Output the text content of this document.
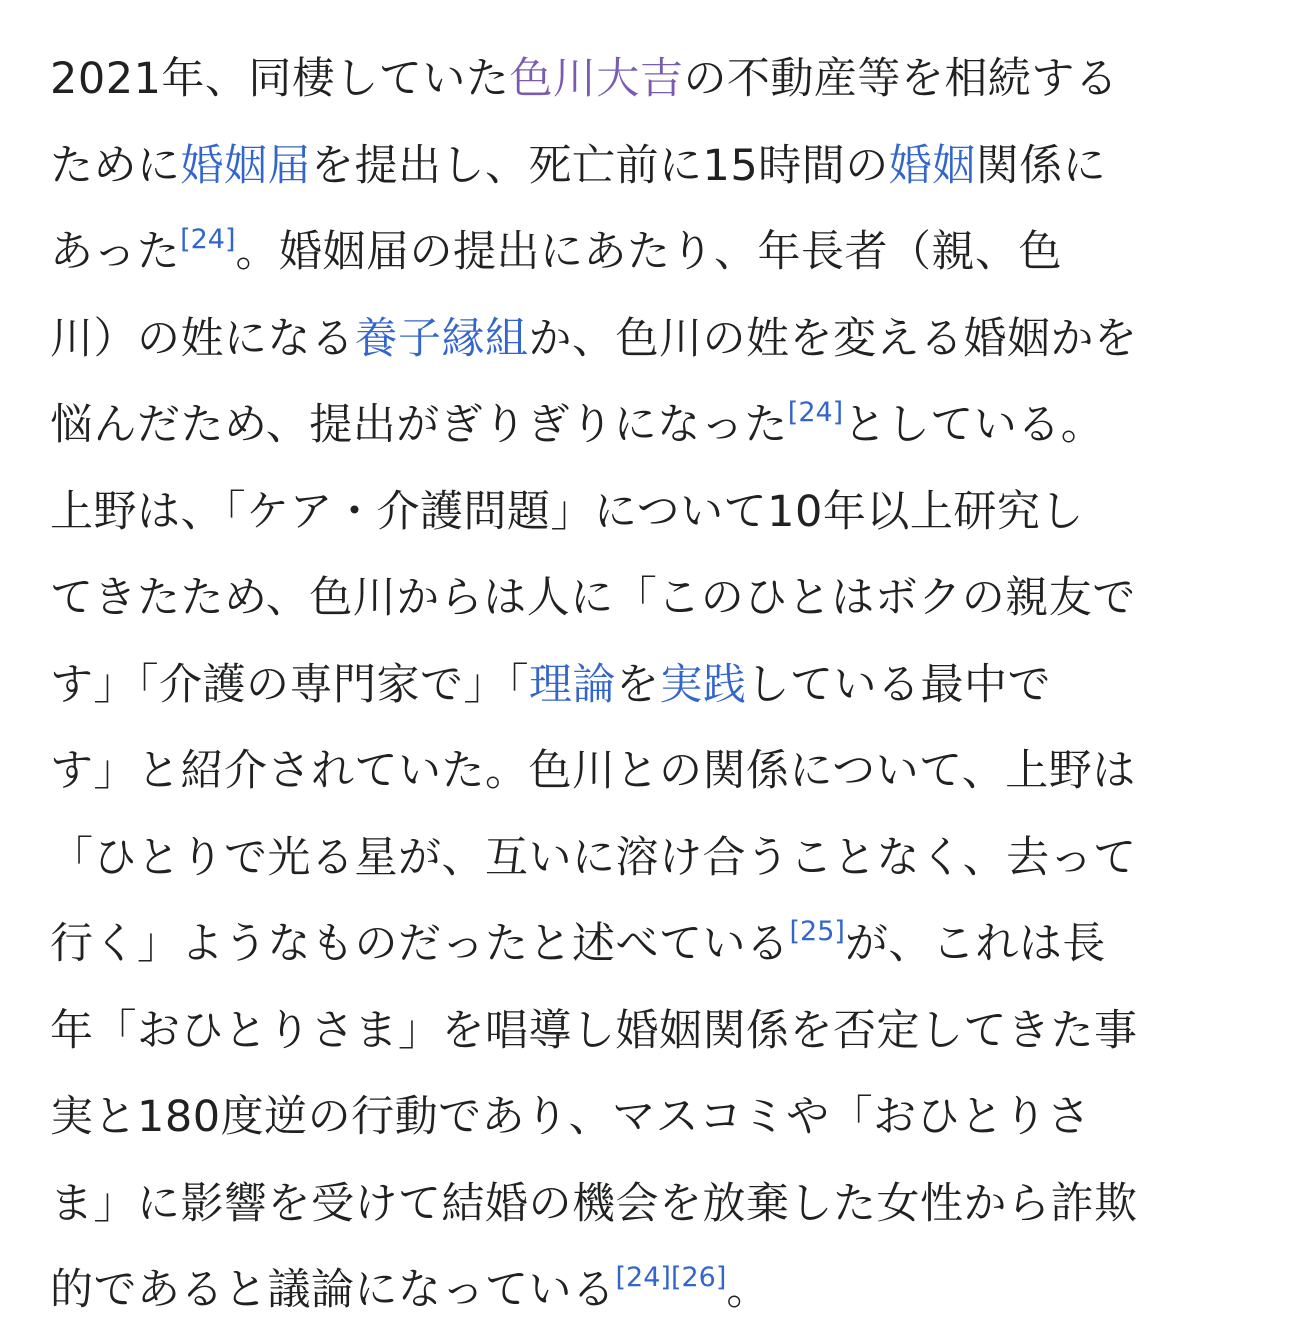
2021年、同棲していた色川大吉の不動産等を相続する
ために婚姻届を提出し、死亡前に15時間の婚姻関係に
あった[24]。婚姻届の提出にあたり、年長者（親、色
川）の姓になる養子縁組か、色川の姓を変える婚姻かを
悩んだため、提出がぎりぎりになった[24]としている。
上野は、「ケア・介護問題」について10年以上研究し
てきたため、色川からは人に「このひとはボクの親友で
す」「介護の専門家で」「理論を実践している最中で
す」と紹介されていた。色川との関係について、上野は
「ひとりで光る星が、互いに溶け合うことなく、去って
行く」ようなものだったと述べている[25]が、これは長
年「おひとりさま」を唱導し婚姻関係を否定してきた事
実と180度逆の行動であり、マスコミや「おひとりさ
ま」に影響を受けて結婚の機会を放棄した女性から詐欺
的であると議論になっている[24][26]。
